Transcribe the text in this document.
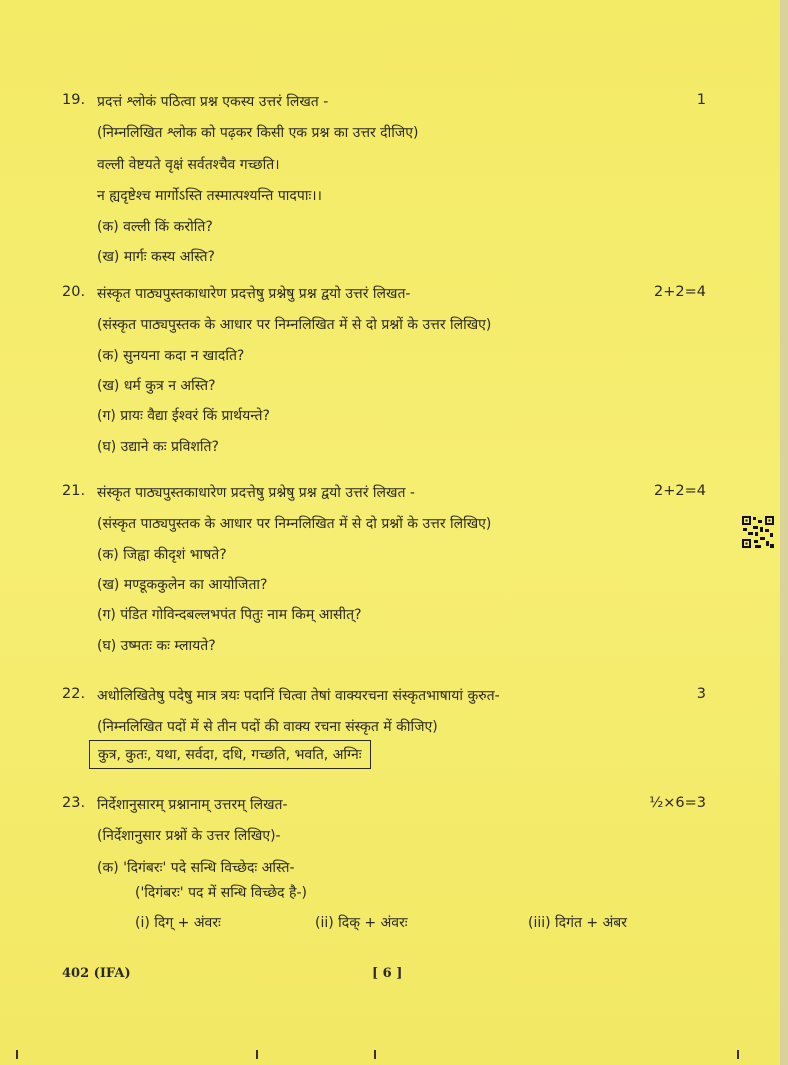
19. प्रदत्तं श्लोकं पठित्वा प्रश्न एकस्य उत्तरं लिखत -	1
(निम्नलिखित श्लोक को पढ़कर किसी एक प्रश्न का उत्तर दीजिए)
वल्ली वेष्टयते वृक्षं सर्वतश्चैव गच्छति।
न ह्यदृष्टेश्च मार्गोऽस्ति तस्मात्पश्यन्ति पादपाः।।
(क) वल्ली किं करोति?
(ख) मार्गः कस्य अस्ति?
20. संस्कृत पाठ्यपुस्तकाधारेण प्रदत्तेषु प्रश्नेषु प्रश्न द्वयो उत्तरं लिखत-	2+2=4
(संस्कृत पाठ्यपुस्तक के आधार पर निम्नलिखित में से दो प्रश्नों के उत्तर लिखिए)
(क) सुनयना कदा न खादति?
(ख) धर्म कुत्र न अस्ति?
(ग) प्रायः वैद्या ईश्वरं किं प्रार्थयन्ते?
(घ) उद्याने कः प्रविशति?
21. संस्कृत पाठ्यपुस्तकाधारेण प्रदत्तेषु प्रश्नेषु प्रश्न द्वयो उत्तरं लिखत -	2+2=4
(संस्कृत पाठ्यपुस्तक के आधार पर निम्नलिखित में से दो प्रश्नों के उत्तर लिखिए)
(क) जिह्वा कीदृशं भाषते?
(ख) मण्डूककुलेन का आयोजिता?
(ग) पंडित गोविन्दबल्लभपंत पितुः नाम किम् आसीत्?
(घ) उष्मतः कः म्लायते?
22. अधोलिखितेषु पदेषु मात्र त्रयः पदानिं चित्वा तेषां वाक्यरचना संस्कृतभाषायां कुरुत-	3
(निम्नलिखित पदों में से तीन पदों की वाक्य रचना संस्कृत में कीजिए)
कुत्र, कुतः, यथा, सर्वदा, दधि, गच्छति, भवति, अग्निः
23. निर्देशानुसारम् प्रश्नानाम् उत्तरम् लिखत-	½×6=3
(निर्देशानुसार प्रश्नों के उत्तर लिखिए)-
(क) 'दिगंबरः' पदे सन्धि विच्छेदः अस्ति-
('दिगंबरः' पद में सन्धि विच्छेद है-)
(i) दिग् + अंवरः	(ii) दिक् + अंवरः	(iii) दिगंत + अंबर
402 (IFA)	[ 6 ]
